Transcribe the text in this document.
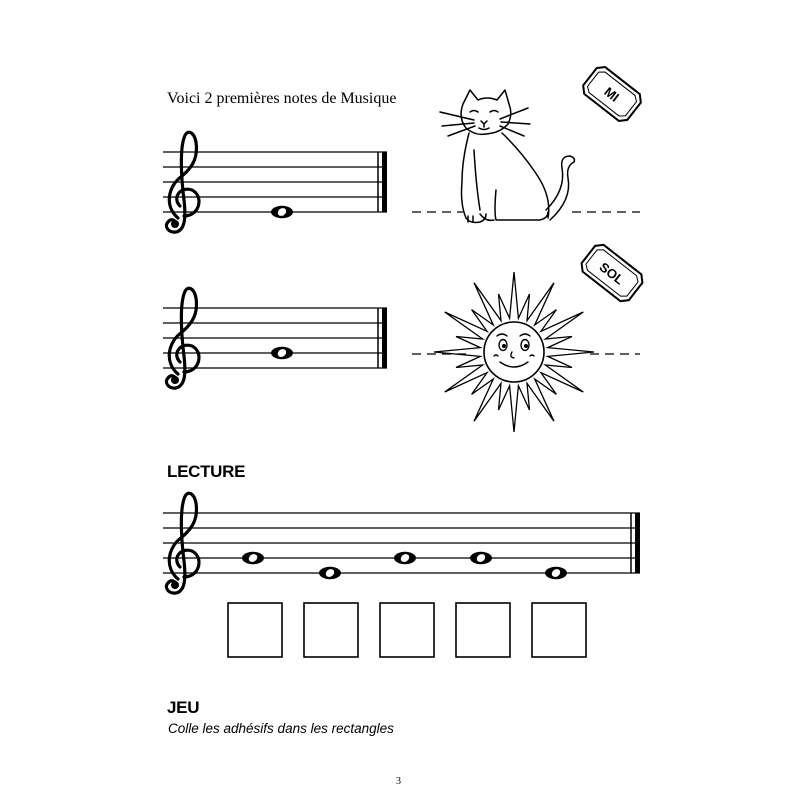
Voici 2 premières notes de Musique
LECTURE
JEU
Colle les adhésifs dans les rectangles
3
MI
SOL
